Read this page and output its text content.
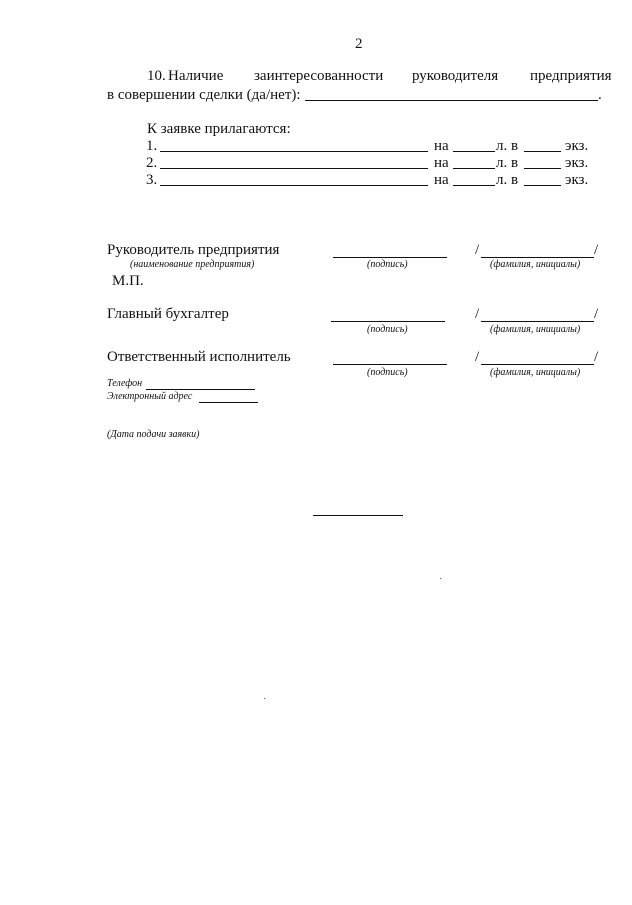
2
10. Наличие заинтересованности руководителя предприятия
в совершении сделки (да/нет):	.
К заявке прилагаются:
1.	на	л. в	экз.
2.	на	л. в	экз.
3.	на	л. в	экз.
Руководитель предприятия	/	/
(наименование предприятия)	(подпись)	(фамилия, инициалы)
М.П.
Главный бухгалтер	/	/
(подпись)	(фамилия, инициалы)
Ответственный исполнитель	/	/
(подпись)	(фамилия, инициалы)
Телефон
Электронный адрес
(Дата подачи заявки)
